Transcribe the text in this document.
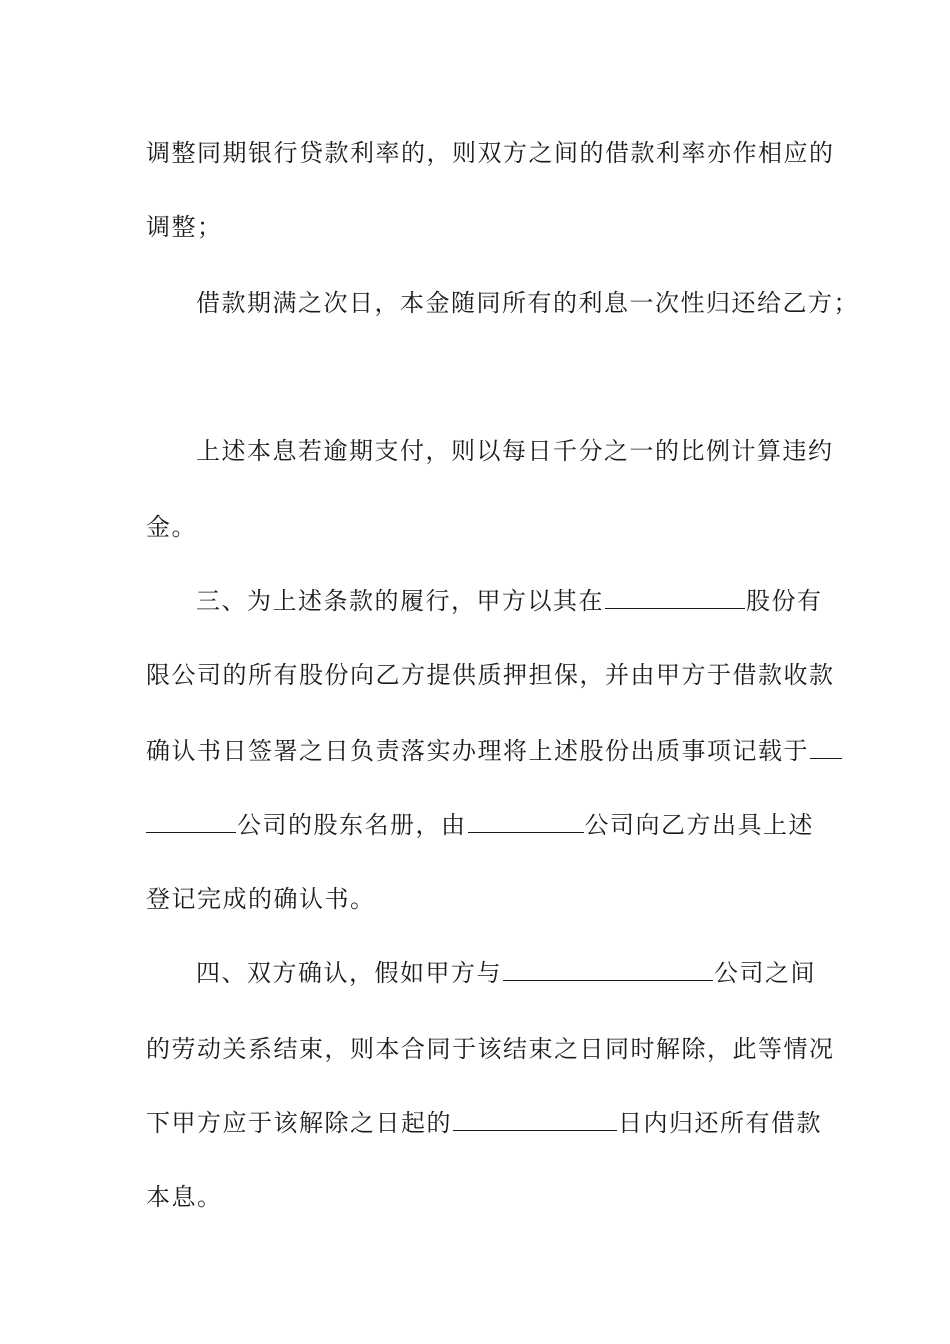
调整同期银行贷款利率的，则双方之间的借款利率亦作相应的
调整；
借款期满之次日，本金随同所有的利息一次性归还给乙方；
上述本息若逾期支付，则以每日千分之一的比例计算违约
金。
三、为上述条款的履行，甲方以其在	股份有
限公司的所有股份向乙方提供质押担保，并由甲方于借款收款
确认书日签署之日负责落实办理将上述股份出质事项记载于
公司的股东名册，由	公司向乙方出具上述
登记完成的确认书。
四、双方确认，假如甲方与	公司之间
的劳动关系结束，则本合同于该结束之日同时解除，此等情况
下甲方应于该解除之日起的	日内归还所有借款
本息。
